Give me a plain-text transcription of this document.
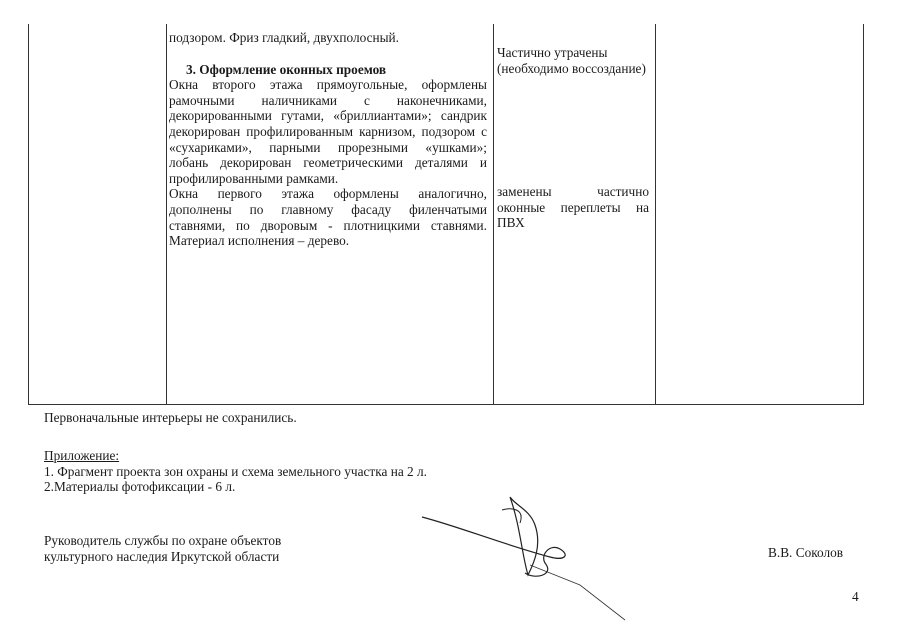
подзором. Фриз гладкий, двухполосный.

3. Оформление оконных проемов

Окна второго этажа прямоугольные, оформлены рамочными наличниками с наконечниками, декорированными гутами, «бриллиантами»; сандрик декорирован профилированным карнизом, подзором с «сухариками», парными прорезными «ушками»; лобань декорирован геометрическими деталями и профилированными рамками.

Окна первого этажа оформлены аналогично, дополнены по главному фасаду филенчатыми ставнями, по дворовым - плотницкими ставнями. Материал исполнения – дерево.

Частично утрачены (необходимо воссоздание)

заменены частично оконные переплеты на ПВХ

Первоначальные интерьеры не сохранились.

Приложение:

1. Фрагмент проекта зон охраны и схема земельного участка на 2 л.

2.Материалы фотофиксации - 6 л.

Руководитель службы по охране объектов

культурного наследия Иркутской области	В.В. Соколов
4
